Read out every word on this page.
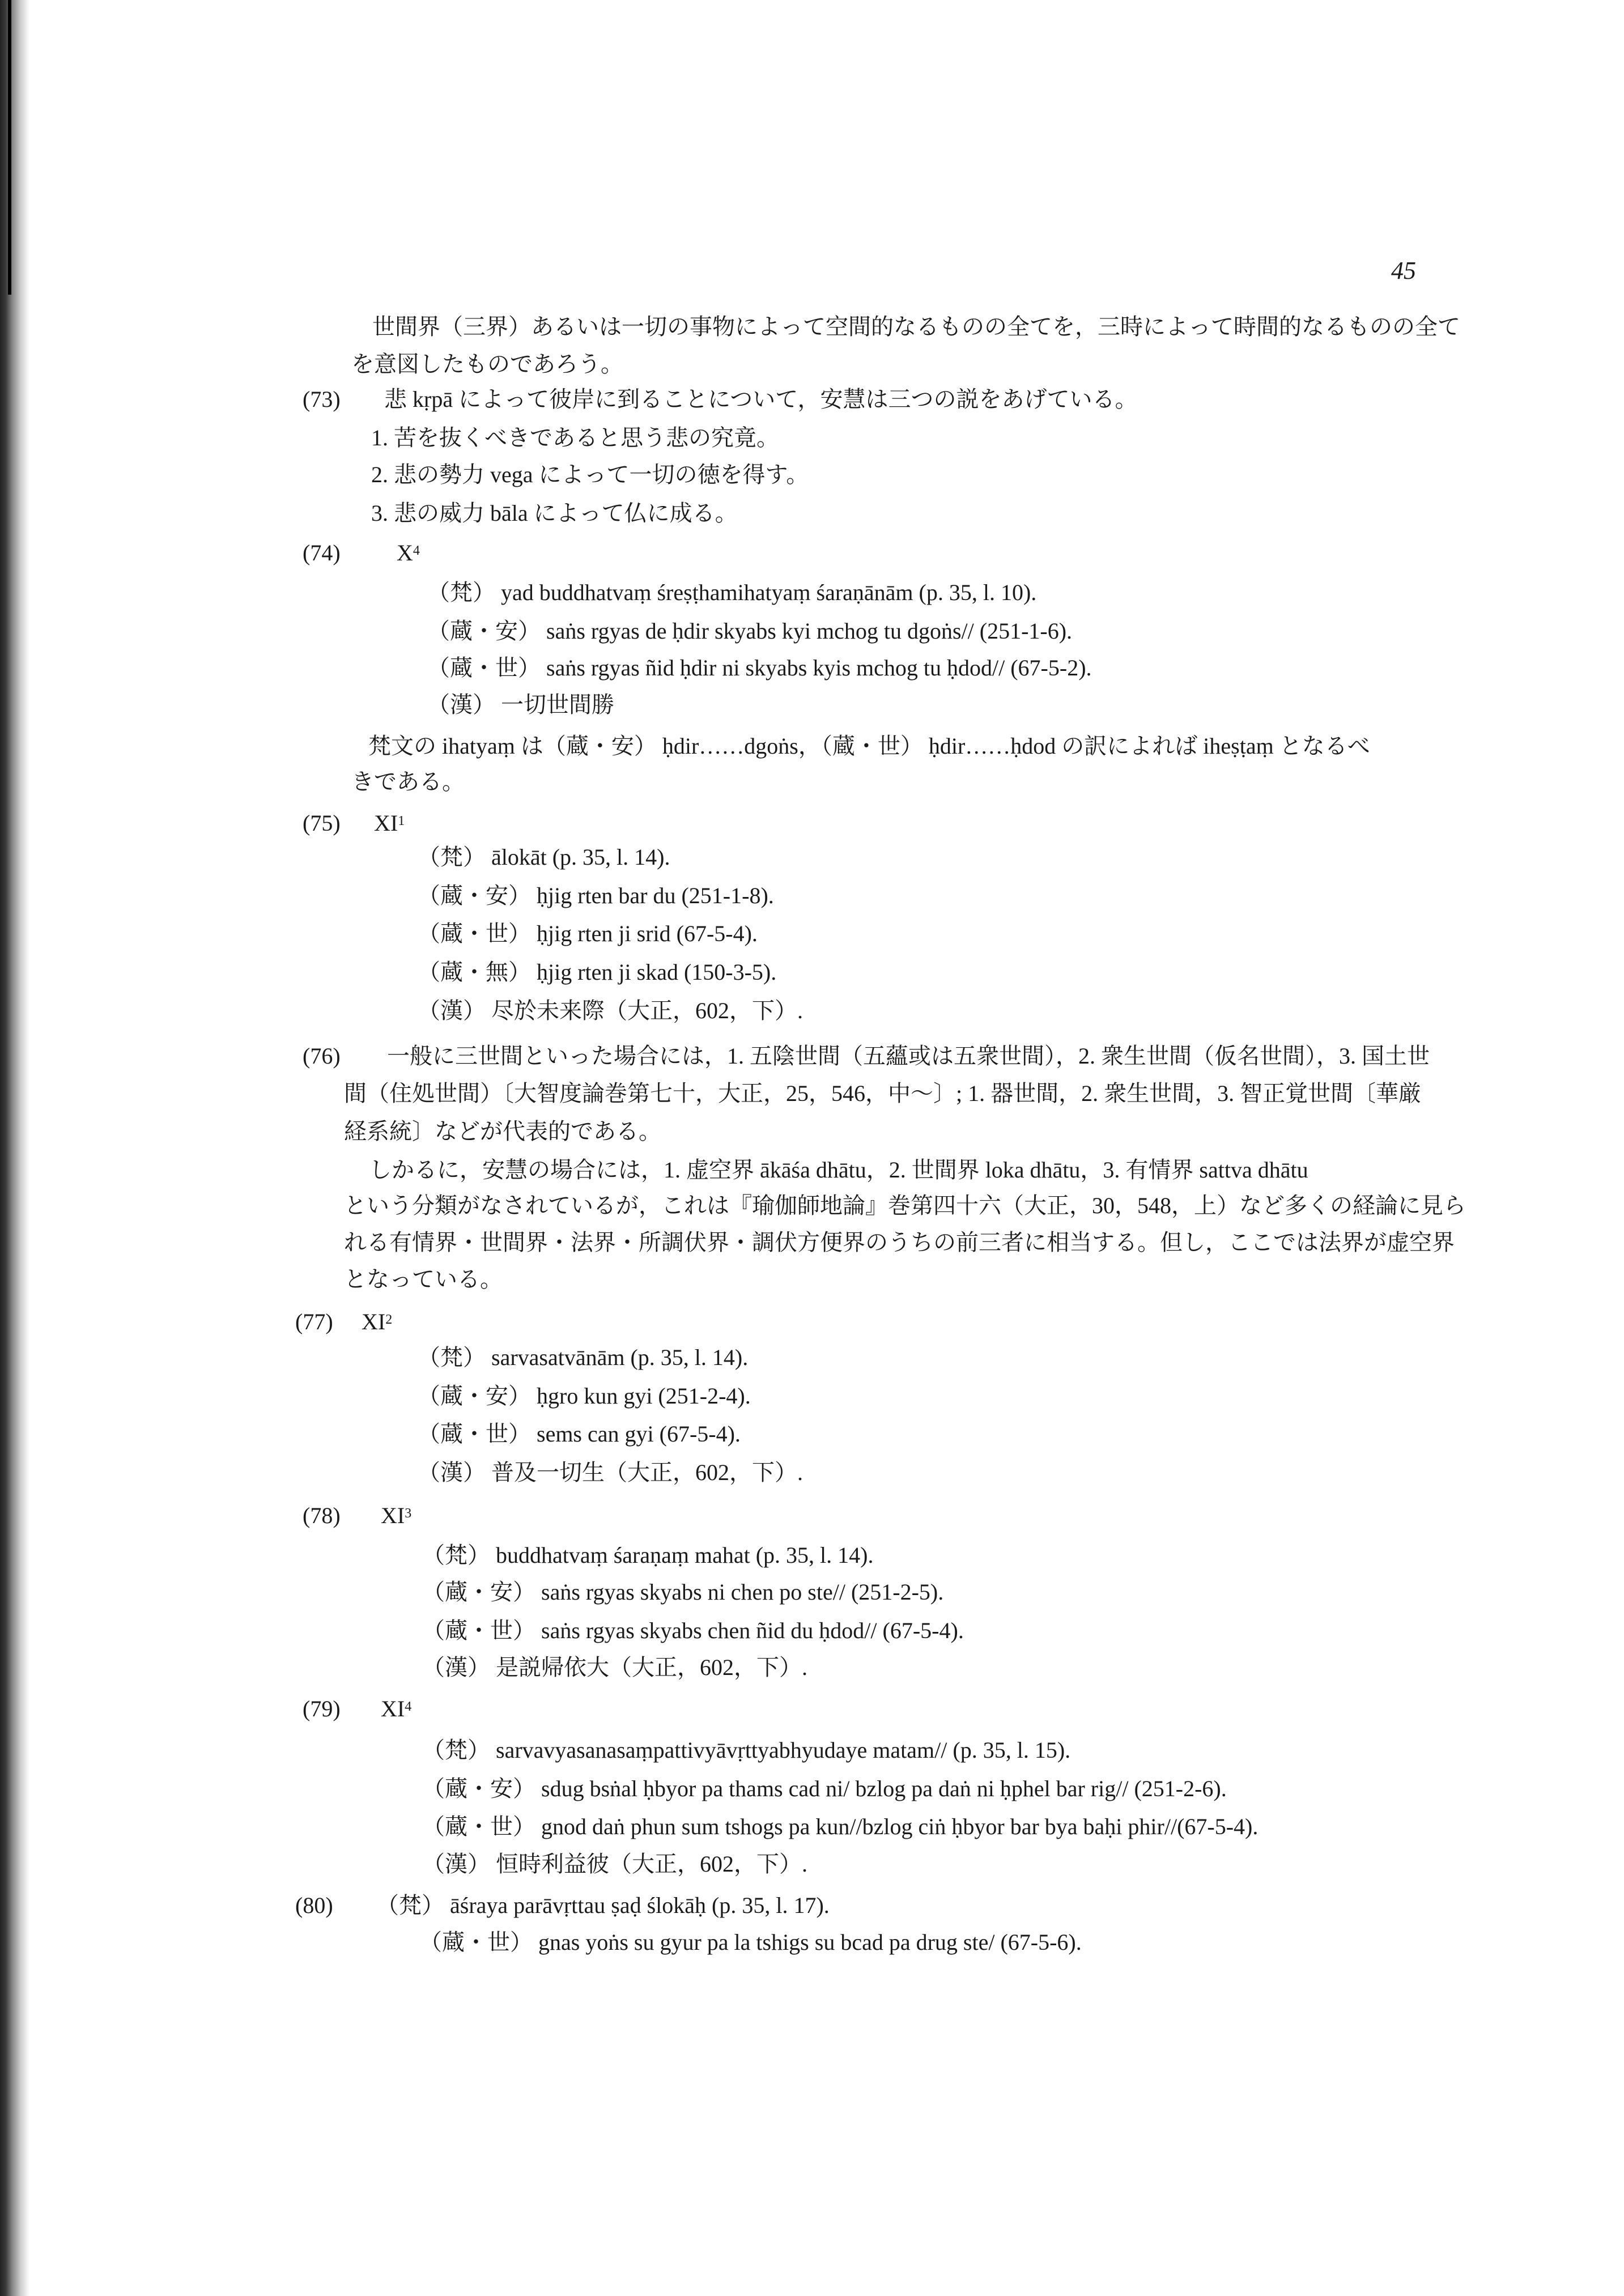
45
世間界（三界）あるいは一切の事物によって空間的なるものの全てを，三時によって時間的なるものの全て
を意図したものであろう。
(73) 悲 kṛpā によって彼岸に到ることについて，安慧は三つの説をあげている。
1. 苦を抜くべきであると思う悲の究竟。
2. 悲の勢力 vega によって一切の徳を得す。
3. 悲の威力 bāla によって仏に成る。
(74) $X^4$
（梵） yad buddhatvaṃ śreṣṭhamihatyaṃ śaraṇānām (p. 35, l. 10).
（蔵・安） saṅs rgyas de ḥdir skyabs kyi mchog tu dgoṅs// (251-1-6).
（蔵・世） saṅs rgyas ñid ḥdir ni skyabs kyis mchog tu ḥdod// (67-5-2).
（漢） 一切世間勝
梵文の ihatyaṃ は（蔵・安） ḥdir……dgoṅs，（蔵・世） ḥdir……ḥdod の訳によれば iheṣṭaṃ となるべ
きである。
(75) $XI^1$
（梵） ālokāt (p. 35, l. 14).
（蔵・安） ḥjig rten bar du (251-1-8).
（蔵・世） ḥjig rten ji srid (67-5-4).
（蔵・無） ḥjig rten ji skad (150-3-5).
（漢） 尽於未来際（大正，602，下）.
(76) 一般に三世間といった場合には，1. 五陰世間（五蘊或は五衆世間），2. 衆生世間（仮名世間），3. 国土世
間（住処世間）〔大智度論巻第七十，大正，25，546，中〜〕; 1. 器世間，2. 衆生世間，3. 智正覚世間〔華厳
経系統〕などが代表的である。
しかるに，安慧の場合には，1. 虚空界 ākāśa dhātu，2. 世間界 loka dhātu，3. 有情界 sattva dhātu
という分類がなされているが，これは『瑜伽師地論』巻第四十六（大正，30，548，上）など多くの経論に見ら
れる有情界・世間界・法界・所調伏界・調伏方便界のうちの前三者に相当する。但し，ここでは法界が虚空界
となっている。
(77) $XI^2$
（梵） sarvasatvānām (p. 35, l. 14).
（蔵・安） ḥgro kun gyi (251-2-4).
（蔵・世） sems can gyi (67-5-4).
（漢） 普及一切生（大正，602，下）.
(78) $XI^3$
（梵） buddhatvaṃ śaraṇaṃ mahat (p. 35, l. 14).
（蔵・安） saṅs rgyas skyabs ni chen po ste// (251-2-5).
（蔵・世） saṅs rgyas skyabs chen ñid du ḥdod// (67-5-4).
（漢） 是説帰依大（大正，602，下）.
(79) $XI^4$
（梵） sarvavyasanasaṃpattivyāvṛttyabhyudaye matam// (p. 35, l. 15).
（蔵・安） sdug bsṅal ḥbyor pa thams cad ni/ bzlog pa daṅ ni ḥphel bar rig// (251-2-6).
（蔵・世） gnod daṅ phun sum tshogs pa kun//bzlog ciṅ ḥbyor bar bya baḥi phir//(67-5-4).
（漢） 恒時利益彼（大正，602，下）.
(80) （梵） āśraya parāvṛttau ṣaḍ ślokāḥ (p. 35, l. 17).
（蔵・世） gnas yoṅs su gyur pa la tshigs su bcad pa drug ste/ (67-5-6).
